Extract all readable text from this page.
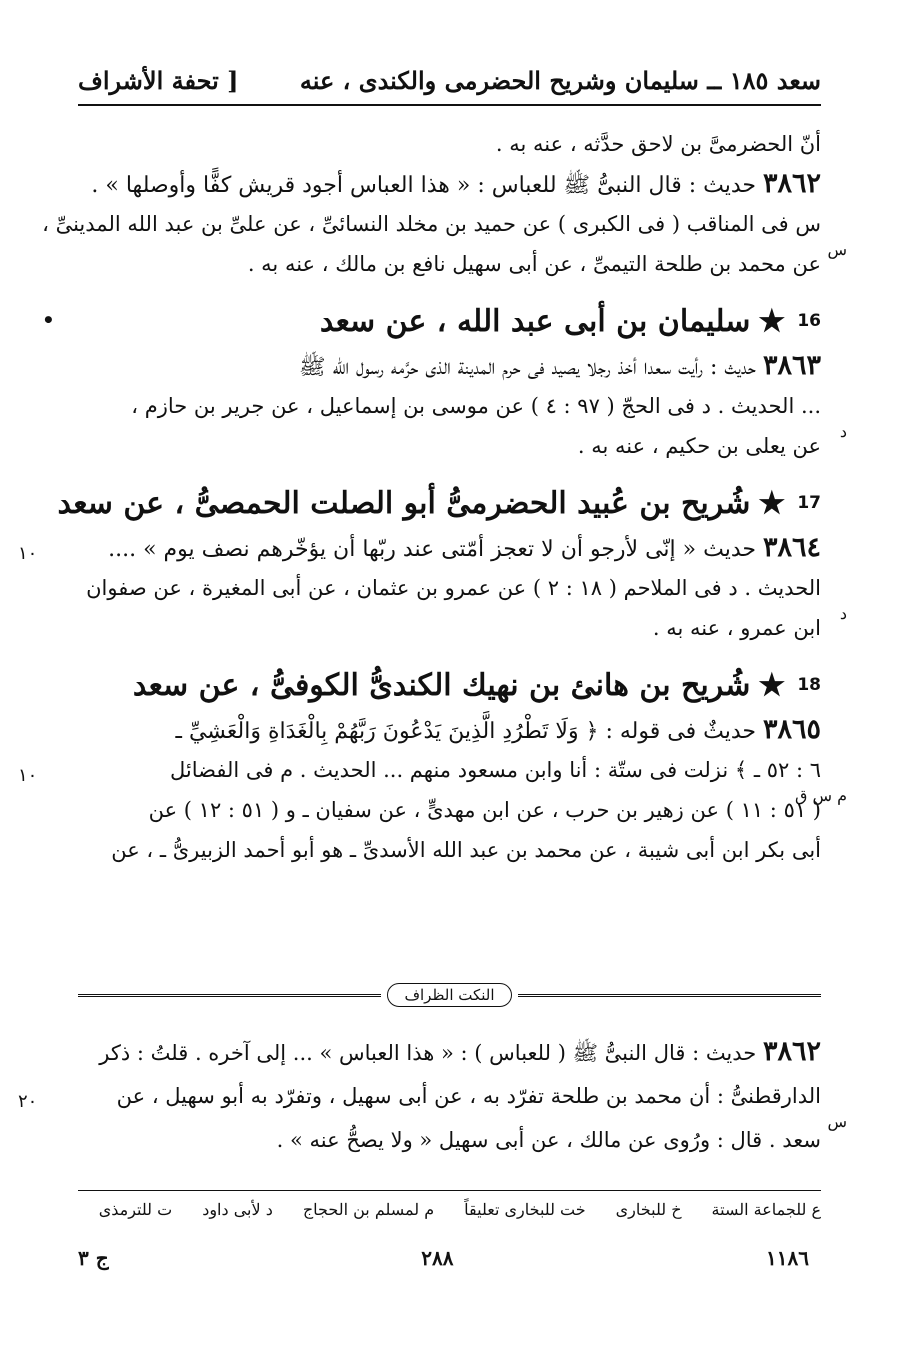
سعد ١٨٥ ــ سليمان وشريح الحضرمى والكندى ، عنه
[ تحفة الأشراف
أنّ الحضرمىَّ بن لاحق حدَّثه ، عنه به .
٣٨٦٢ حديث : قال النبىُّ ﷺ للعباس : « هذا العباس أجود قريش كفًّا وأوصلها » .
س فى المناقب ( فى الكبرى ) عن حميد بن مخلد النسائىِّ ، عن علىِّ بن عبد الله المدينىِّ ،
س
عن محمد بن طلحة التيمىِّ ، عن أبى سهيل نافع بن مالك ، عنه به .
16
★
سليمان بن أبى عبد الله ، عن سعد
•
٣٨٦٣ حديث : رأيت سعدا أخذ رجلا يصيد فى حرم المدينة الذى حرَّمه رسول الله ﷺ
... الحديث . د فى الحجّ ( ٩٧ : ٤ ) عن موسى بن إسماعيل ، عن جرير بن حازم ،
د
عن يعلى بن حكيم ، عنه به .
17
★
شُريح بن عُبيد الحضرمىُّ أبو الصلت الحمصىُّ ، عن سعد
٣٨٦٤ حديث « إنّى لأرجو أن لا تعجز أمّتى عند ربّها أن يؤخّرهم نصف يوم » ....
١٠
الحديث . د فى الملاحم ( ١٨ : ٢ ) عن عمرو بن عثمان ، عن أبى المغيرة ، عن صفوان
د
ابن عمرو ، عنه به .
18
★
شُريح بن هانئ بن نهيك الكندىُّ الكوفىُّ ، عن سعد
٣٨٦٥ حديثٌ فى قوله : ﴿ وَلَا تَطْرُدِ الَّذِينَ يَدْعُونَ رَبَّهُمْ بِالْغَدَاةِ وَالْعَشِيِّ ـ
٦ : ٥٢ ـ ﴾ نزلت فى ستّة : أنا وابن مسعود منهم ... الحديث . م فى الفضائل
م س ق
١٠
( ٥١ : ١١ ) عن زهير بن حرب ، عن ابن مهدىٍّ ، عن سفيان ـ و ( ٥١ : ١٢ ) عن
أبى بكر ابن أبى شيبة ، عن محمد بن عبد الله الأسدىِّ ـ هو أبو أحمد الزبيرىُّ ـ ، عن
النكت الظراف
٣٨٦٢ حديث : قال النبىُّ ﷺ ( للعباس ) : « هذا العباس » ... إلى آخره . قلتُ : ذكر
الدارقطنىُّ : أن محمد بن طلحة تفرّد به ، عن أبى سهيل ، وتفرّد به أبو سهيل ، عن
س
٢٠
سعد . قال : ورُوى عن مالك ، عن أبى سهيل « ولا يصحُّ عنه » .
ع للجماعة الستة
خ للبخارى
خت للبخارى تعليقاً
م لمسلم بن الحجاج
د لأبى داود
ت للترمذى
١١٨٦
٢٨٨
ج ٣
